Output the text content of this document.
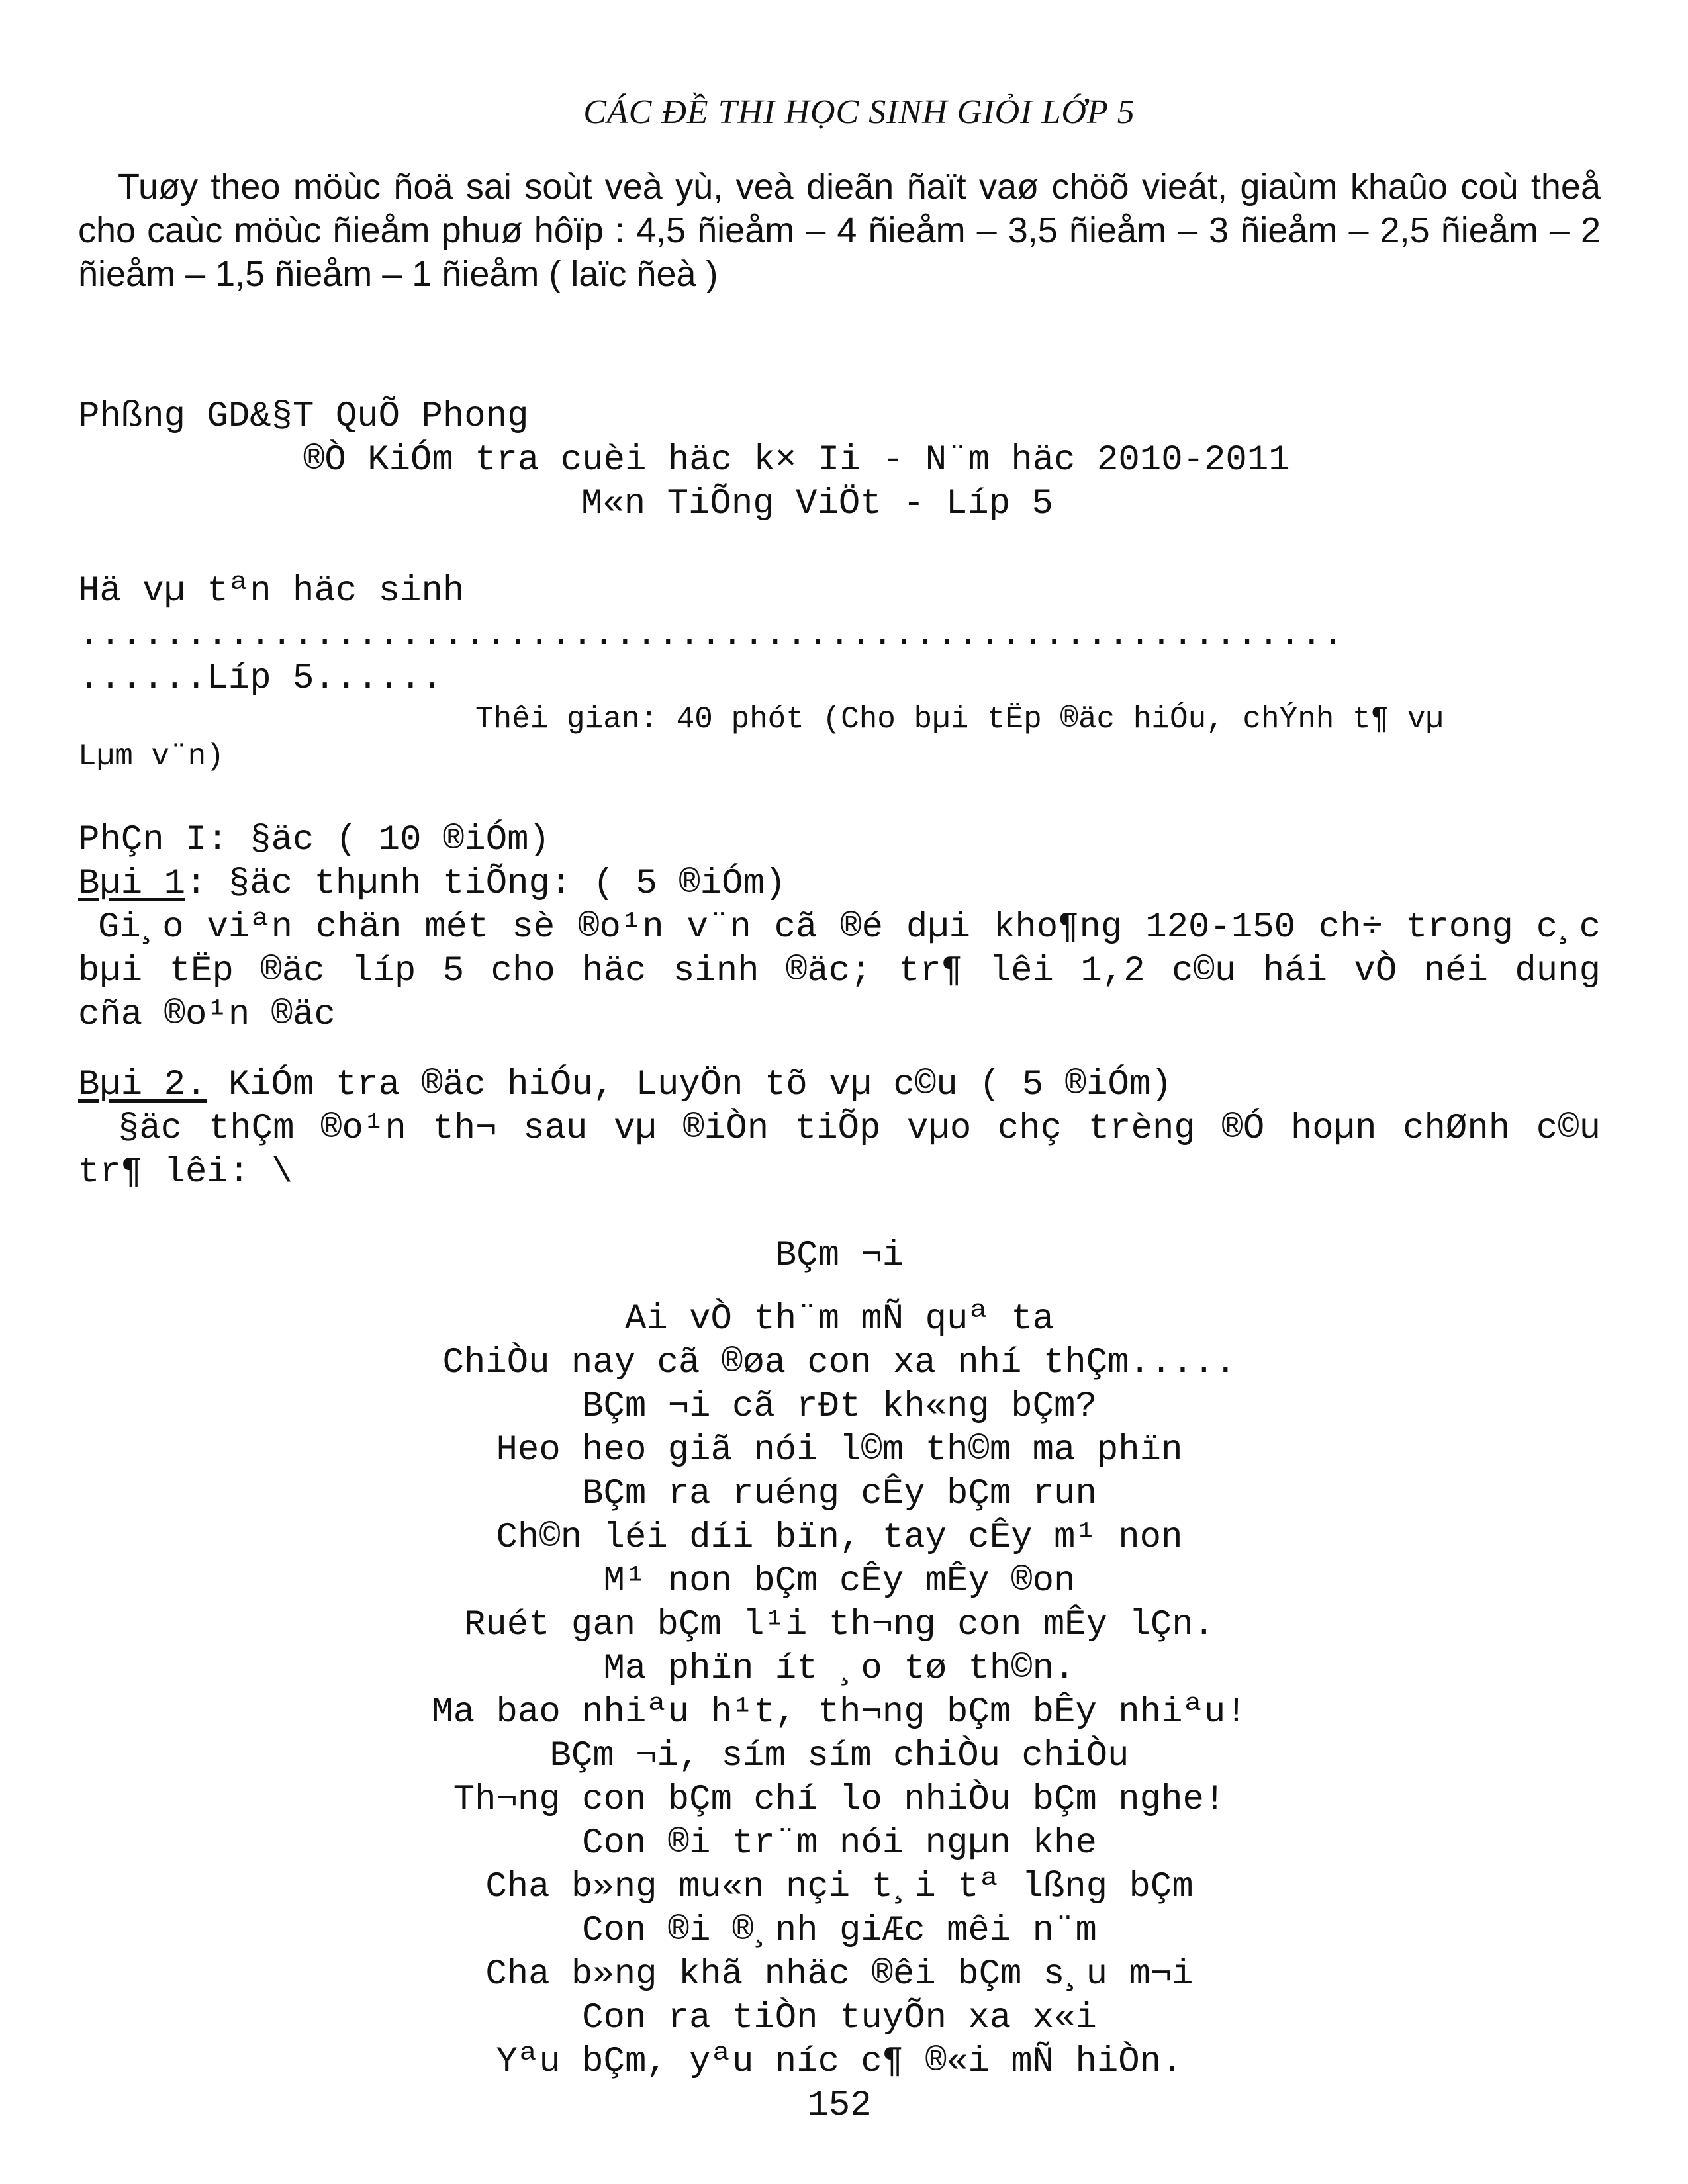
CÁC ĐỀ THI HỌC SINH GIỎI LỚP 5
Tuøy theo möùc ñoä sai soùt veà yù, veà dieãn ñaït vaø chöõ vieát, giaùm khaûo coù theå cho caùc möùc ñieåm phuø hôïp : 4,5 ñieåm – 4 ñieåm – 3,5 ñieåm – 3 ñieåm – 2,5 ñieåm – 2 ñieåm – 1,5 ñieåm – 1 ñieåm ( laïc ñeà )

Phßng GD&§T QuÕ Phong

®Ò KiÓm tra cuèi häc k× Ii - N¨m häc 2010-2011

M«n TiÕng ViÖt - Líp 5

Hä vµ tªn häc sinh

...........................................................

......Líp 5......

Thêi gian: 40 phót (Cho bµi tËp ®äc hiÓu, chÝnh t¶ vµ
Lµm v¨n)

PhÇn I: §äc ( 10 ®iÓm)

Bµi 1: §äc thµnh tiÕng: ( 5 ®iÓm)

Gi¸o viªn chän mét sè ®o¹n v¨n cã ®é dµi kho¶ng 120-150 ch÷ trong c¸c bµi tËp ®äc líp 5 cho häc sinh ®äc; tr¶ lêi 1,2 c©u hái vÒ néi dung cña ®o¹n ®äc

Bµi 2. KiÓm tra ®äc hiÓu, LuyÖn tõ vµ c©u ( 5 ®iÓm)

§äc thÇm ®o¹n th¬ sau vµ ®iÒn tiÕp vµo chç trèng ®Ó hoµn chØnh c©u tr¶ lêi: \

BÇm ¬i
Ai vÒ th¨m mÑ quª ta
ChiÒu nay cã ®øa con xa nhí thÇm.....
BÇm ¬i cã rÐt kh«ng bÇm?
Heo heo giã nói l©m th©m ma phïn
BÇm ra ruéng cÊy bÇm run
Ch©n léi díi bïn, tay cÊy m¹ non
M¹ non bÇm cÊy mÊy ®on
Ruét gan bÇm l¹i th¬ng con mÊy lÇn.
Ma phïn ít ¸o tø th©n.
Ma bao nhiªu h¹t, th¬ng bÇm bÊy nhiªu!
BÇm ¬i, sím sím chiÒu chiÒu
Th¬ng con bÇm chí lo nhiÒu bÇm nghe!
Con ®i tr¨m nói ngµn khe
Cha b»ng mu«n nçi t¸i tª lßng bÇm
Con ®i ®¸nh giÆc mêi n¨m
Cha b»ng khã nhäc ®êi bÇm s¸u m¬i
Con ra tiÒn tuyÕn xa x«i
Yªu bÇm, yªu níc c¶ ®«i mÑ hiÒn.

152
